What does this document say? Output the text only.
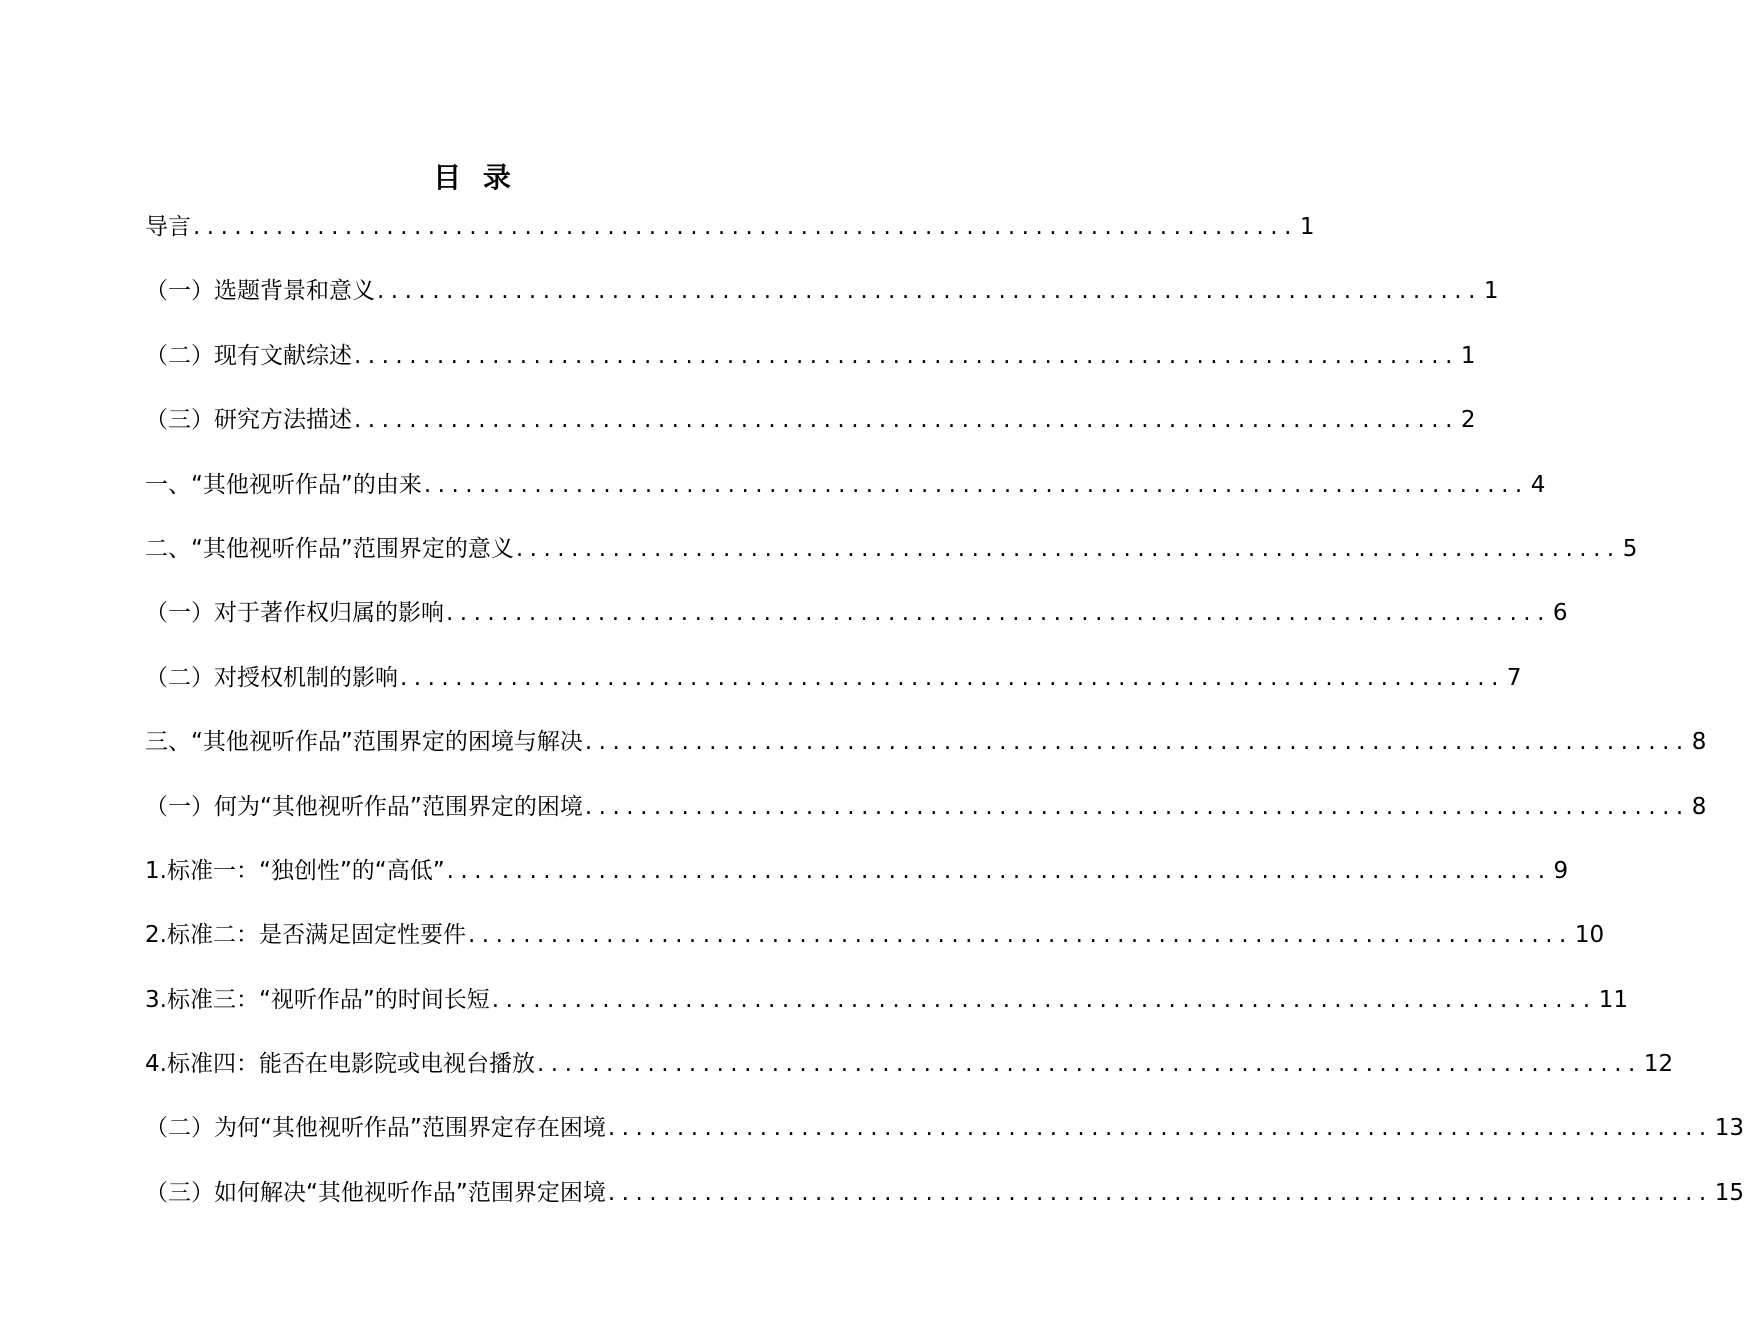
目 录
导言 ................................................................................ 1
（一） 选题背景和意义 ................................................................................ 1
（二） 现有文献综述 ................................................................................ 1
（三） 研究方法描述 ................................................................................ 2
一、 “其他视听作品”的由来 ................................................................................ 4
二、 “其他视听作品”范围界定的意义 ................................................................................ 5
（一） 对于著作权归属的影响 ................................................................................ 6
（二） 对授权机制的影响 ................................................................................ 7
三、 “其他视听作品”范围界定的困境与解决 ................................................................................ 8
（一） 何为“其他视听作品”范围界定的困境 ................................................................................ 8
1. 标准一：“独创性”的“高低” ................................................................................ 9
2. 标准二：是否满足固定性要件 ................................................................................ 10
3. 标准三：“视听作品”的时间长短 ................................................................................ 11
4. 标准四：能否在电影院或电视台播放 ................................................................................ 12
（二） 为何“其他视听作品”范围界定存在困境 ................................................................................ 13
（三） 如何解决“其他视听作品”范围界定困境 ................................................................................ 15
